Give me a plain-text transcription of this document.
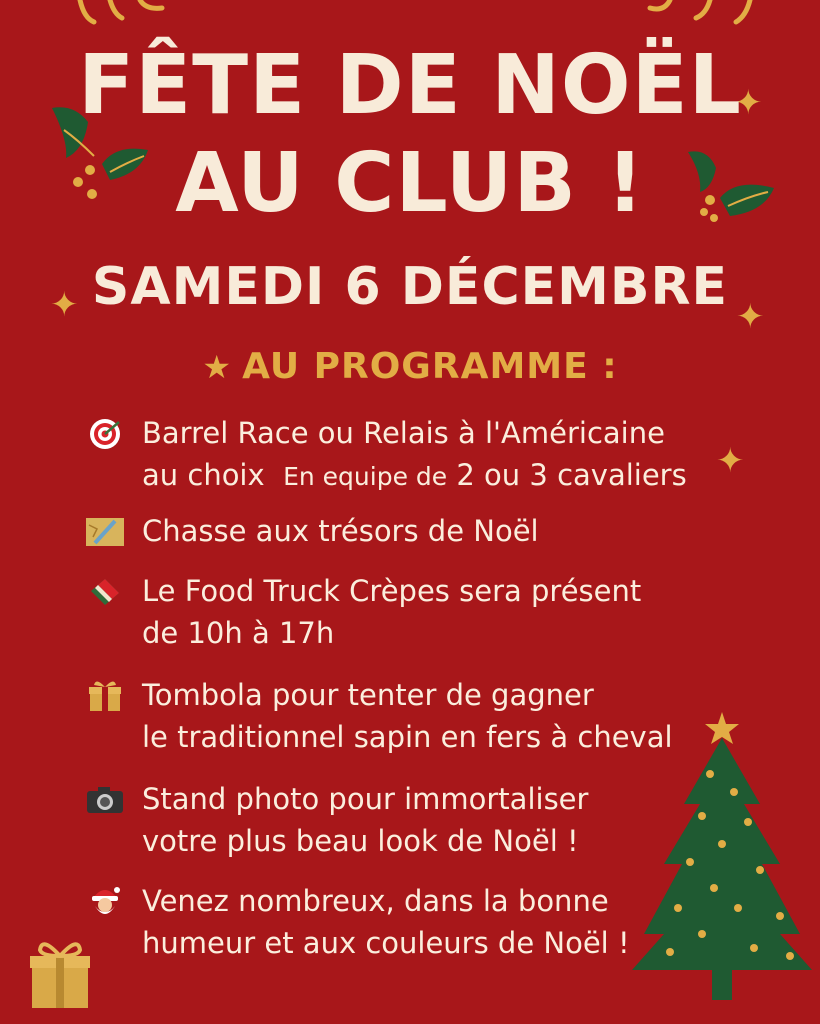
✦
✦	✦
✦
FÊTE DE NOËL
AU CLUB !
SAMEDI 6 DÉCEMBRE
★ AU PROGRAMME :
Barrel Race ou Relais à l'Américaine
au choix En equipe de 2 ou 3 cavaliers
Chasse aux trésors de Noël
Le Food Truck Crèpes sera présent
de 10h à 17h
Tombola pour tenter de gagner
le traditionnel sapin en fers à cheval
Stand photo pour immortaliser
votre plus beau look de Noël !
Venez nombreux, dans la bonne
humeur et aux couleurs de Noël !
